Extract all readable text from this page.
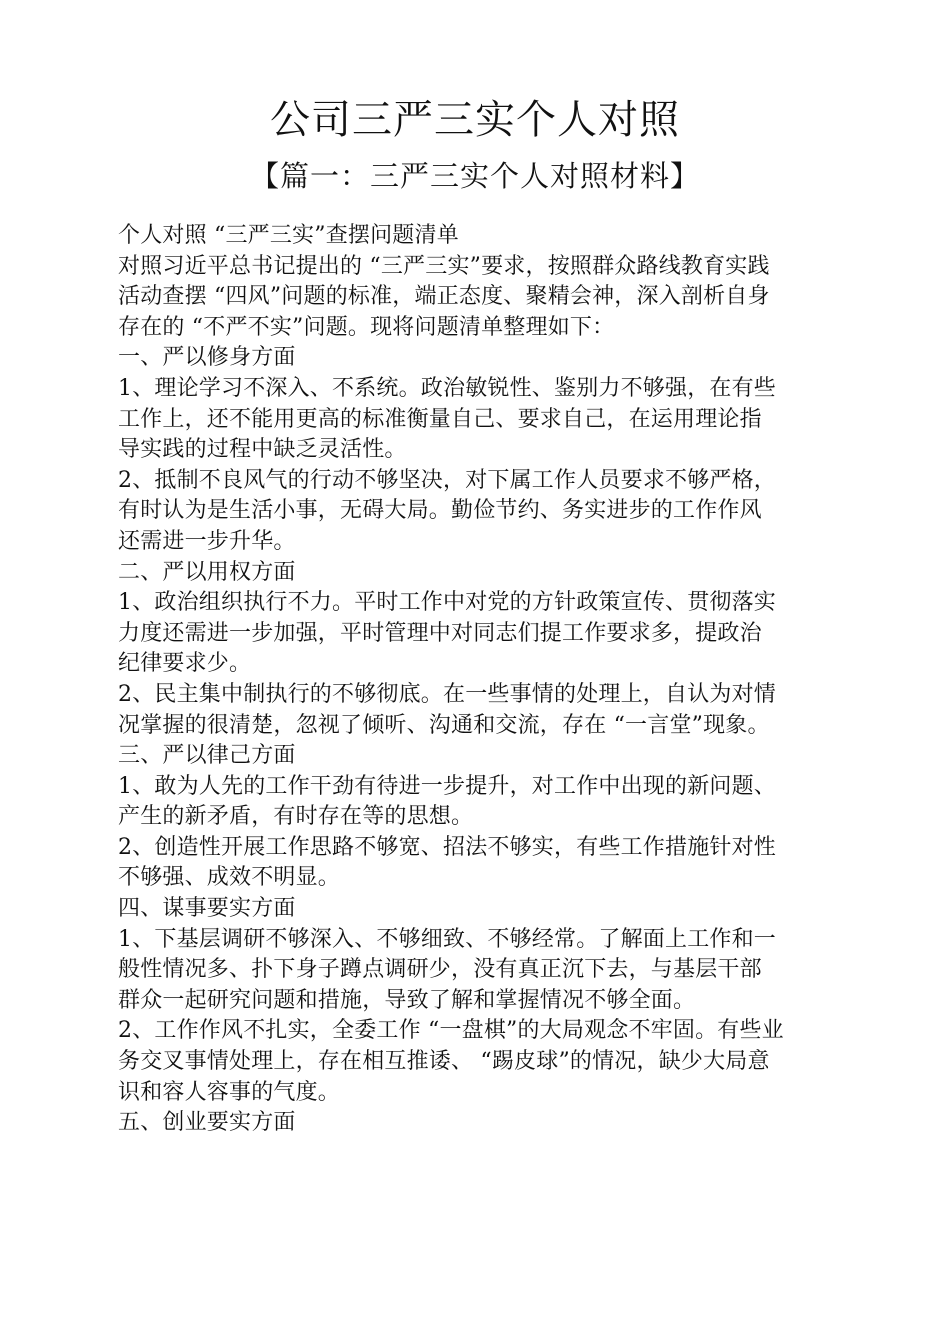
公司三严三实个人对照
【篇一：三严三实个人对照材料】
个人对照 “三严三实”查摆问题清单
对照习近平总书记提出的 “三严三实”要求，按照群众路线教育实践
活动查摆 “四风”问题的标准，端正态度、聚精会神，深入剖析自身
存在的 “不严不实”问题。现将问题清单整理如下：
一、严以修身方面
1、理论学习不深入、不系统。政治敏锐性、鉴别力不够强，在有些
工作上，还不能用更高的标准衡量自己、要求自己，在运用理论指
导实践的过程中缺乏灵活性。
2、抵制不良风气的行动不够坚决，对下属工作人员要求不够严格，
有时认为是生活小事，无碍大局。勤俭节约、务实进步的工作作风
还需进一步升华。
二、严以用权方面
1、政治组织执行不力。平时工作中对党的方针政策宣传、贯彻落实
力度还需进一步加强，平时管理中对同志们提工作要求多，提政治
纪律要求少。
2、民主集中制执行的不够彻底。在一些事情的处理上，自认为对情
况掌握的很清楚，忽视了倾听、沟通和交流，存在 “一言堂”现象。
三、严以律己方面
1、敢为人先的工作干劲有待进一步提升，对工作中出现的新问题、
产生的新矛盾，有时存在等的思想。
2、创造性开展工作思路不够宽、招法不够实，有些工作措施针对性
不够强、成效不明显。
四、谋事要实方面
1、下基层调研不够深入、不够细致、不够经常。了解面上工作和一
般性情况多、扑下身子蹲点调研少，没有真正沉下去，与基层干部
群众一起研究问题和措施，导致了解和掌握情况不够全面。
2、工作作风不扎实，全委工作 “一盘棋”的大局观念不牢固。有些业
务交叉事情处理上，存在相互推诿、 “踢皮球”的情况，缺少大局意
识和容人容事的气度。
五、创业要实方面
